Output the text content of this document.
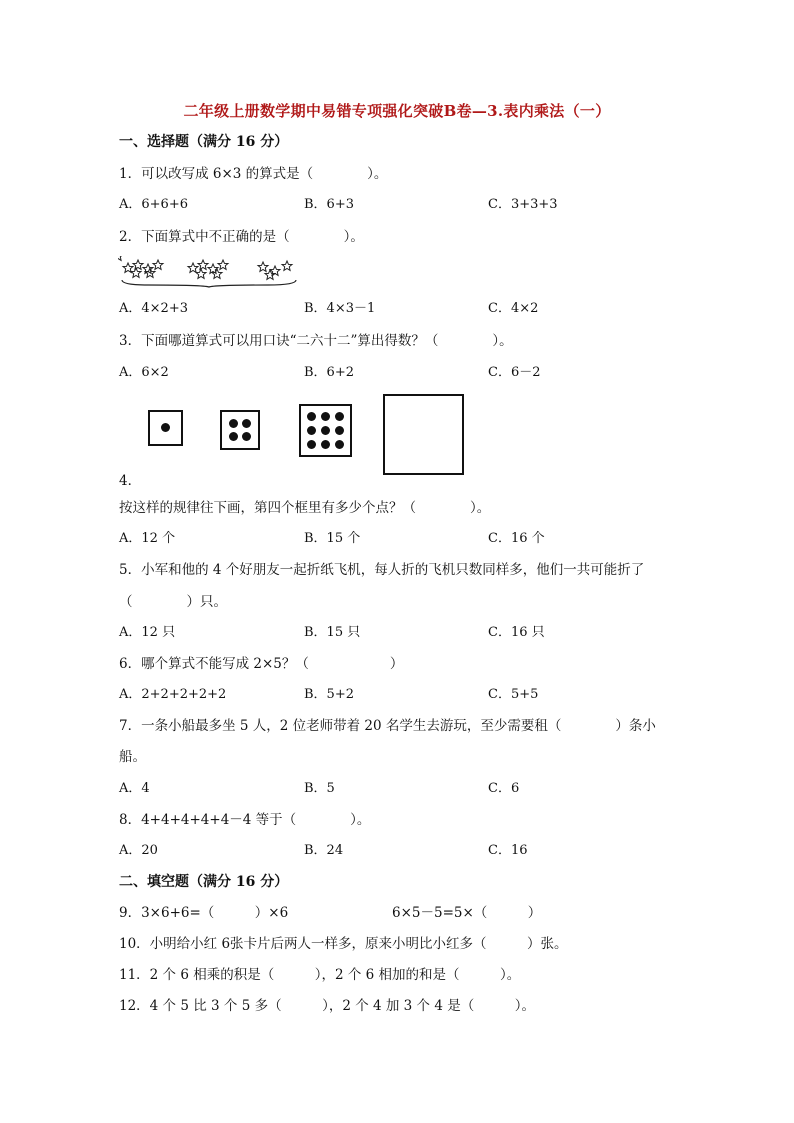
二年级上册数学期中易错专项强化突破B卷—3.表内乘法（一）
一、选择题（满分 16 分）
1．可以改写成 6×3 的算式是（　　　　）。
A．6+6+6	B．6+3	C．3+3+3
2．下面算式中不正确的是（　　　　）。
A．4×2+3	B．4×3－1	C．4×2
3．下面哪道算式可以用口诀“二六十二”算出得数？（　　　　）。
A．6×2	B．6+2	C．6－2
4．
按这样的规律往下画，第四个框里有多少个点？（　　　　）。
A．12 个	B．15 个	C．16 个
5．小军和他的 4 个好朋友一起折纸飞机，每人折的飞机只数同样多，他们一共可能折了
（　　　　）只。
A．12 只	B．15 只	C．16 只
6．哪个算式不能写成 2×5？（　　　　　　）
A．2+2+2+2+2	B．5+2	C．5+5
7．一条小船最多坐 5 人，2 位老师带着 20 名学生去游玩，至少需要租（　　　　）条小
船。
A．4	B．5	C．6
8．4+4+4+4+4－4 等于（　　　　）。
A．20	B．24	C．16
二、填空题（满分 16 分）
9．3×6+6=（　　　）×6	6×5－5=5×（　　　）
10．小明给小红 6张卡片后两人一样多，原来小明比小红多（　　　）张。
11．2 个 6 相乘的积是（　　　），2 个 6 相加的和是（　　　）。
12．4 个 5 比 3 个 5 多（　　　），2 个 4 加 3 个 4 是（　　　）。
